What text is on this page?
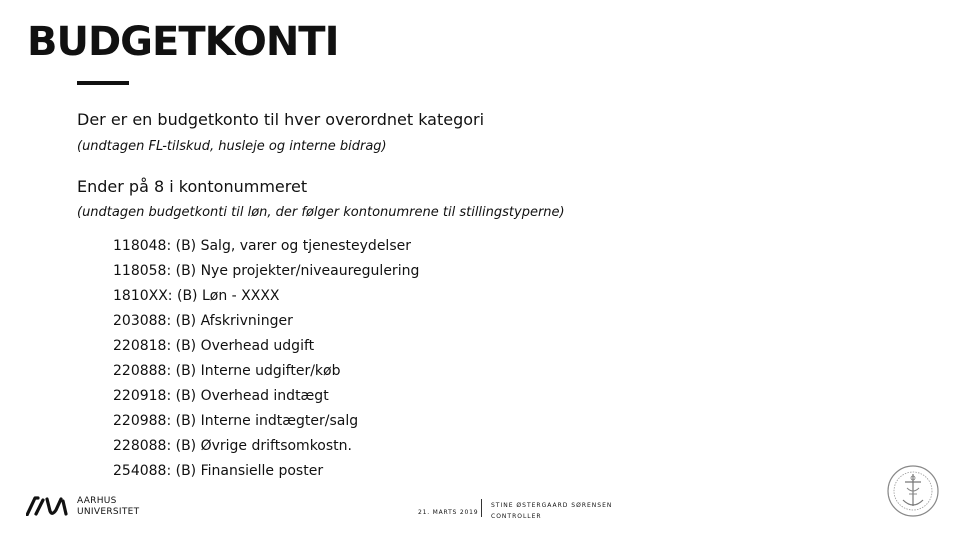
BUDGETKONTI
Der er en budgetkonto til hver overordnet kategori
(undtagen FL-tilskud, husleje og interne bidrag)
Ender på 8 i kontonummeret
(undtagen budgetkonti til løn, der følger kontonumrene til stillingstyperne)
118048: (B) Salg, varer og tjenesteydelser
118058: (B) Nye projekter/niveauregulering
1810XX: (B) Løn - XXXX
203088: (B) Afskrivninger
220818: (B) Overhead udgift
220888: (B) Interne udgifter/køb
220918: (B) Overhead indtægt
220988: (B) Interne indtægter/salg
228088: (B) Øvrige driftsomkostn.
254088: (B) Finansielle poster
AARHUS
UNIVERSITET	21. MARTS 2019
STINE ØSTERGAARD SØRENSEN
CONTROLLER
